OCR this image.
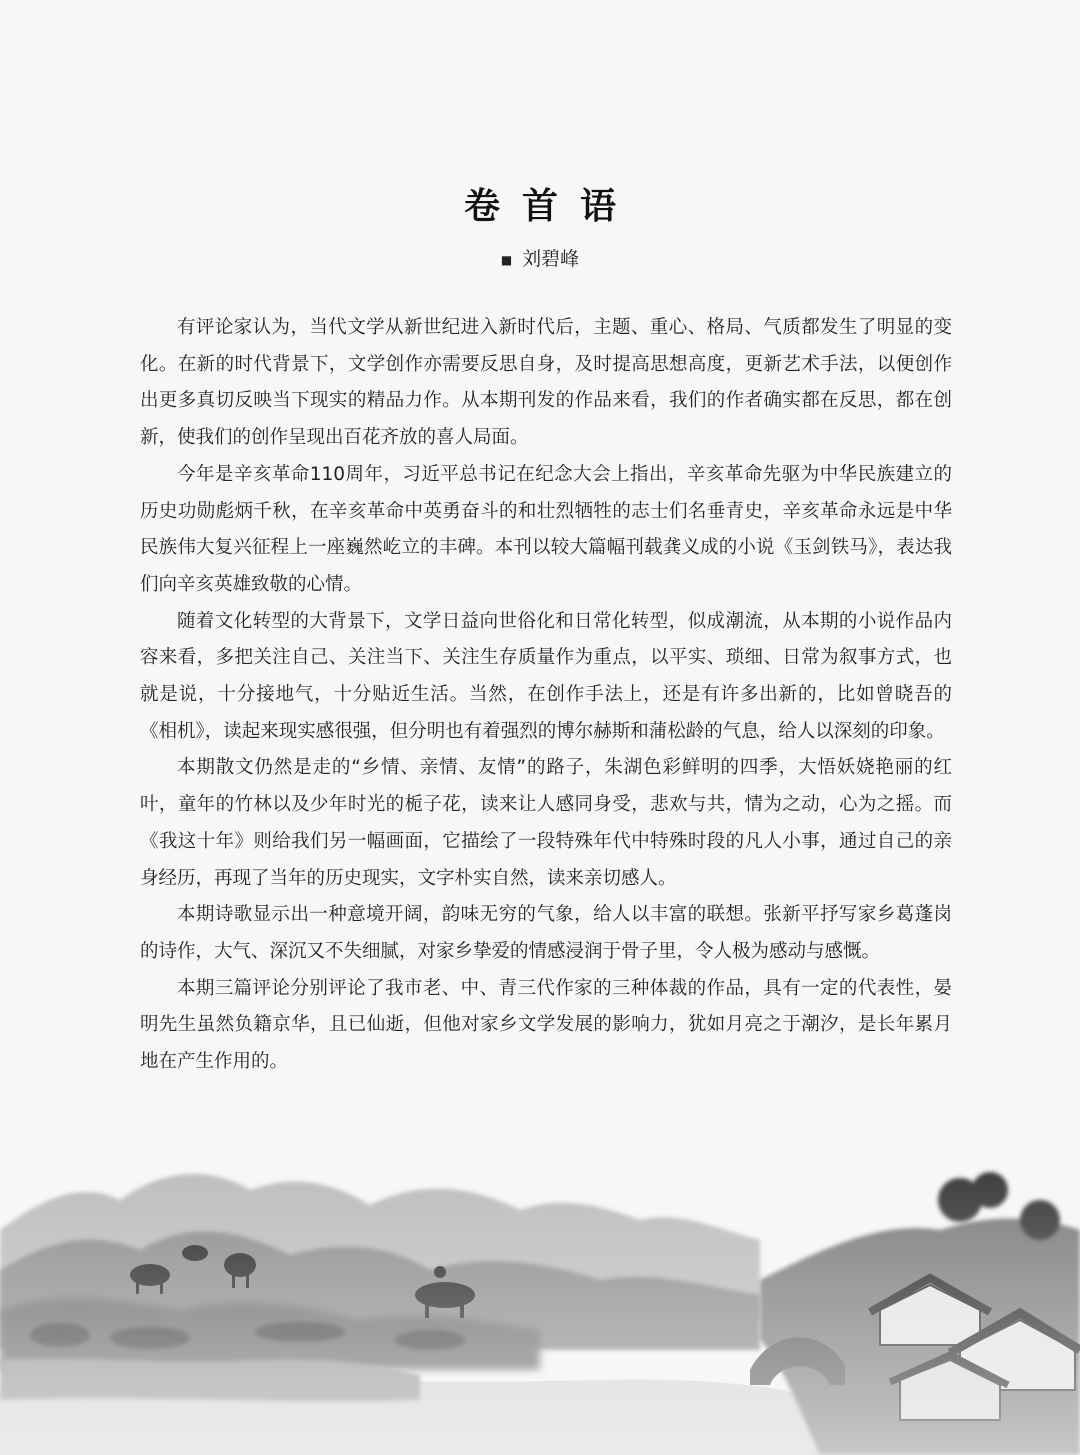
卷首语
■ 刘碧峰

有评论家认为，当代文学从新世纪进入新时代后，主题、重心、格局、气质都发生了明显的变化。在新的时代背景下，文学创作亦需要反思自身，及时提高思想高度，更新艺术手法，以便创作出更多真切反映当下现实的精品力作。从本期刊发的作品来看，我们的作者确实都在反思，都在创新，使我们的创作呈现出百花齐放的喜人局面。

今年是辛亥革命110周年，习近平总书记在纪念大会上指出，辛亥革命先驱为中华民族建立的历史功勋彪炳千秋，在辛亥革命中英勇奋斗的和壮烈牺牲的志士们名垂青史，辛亥革命永远是中华民族伟大复兴征程上一座巍然屹立的丰碑。本刊以较大篇幅刊载龚义成的小说《玉剑铁马》，表达我们向辛亥英雄致敬的心情。

随着文化转型的大背景下，文学日益向世俗化和日常化转型，似成潮流，从本期的小说作品内容来看，多把关注自己、关注当下、关注生存质量作为重点，以平实、琐细、日常为叙事方式，也就是说，十分接地气，十分贴近生活。当然，在创作手法上，还是有许多出新的，比如曾晓吾的《相机》，读起来现实感很强，但分明也有着强烈的博尔赫斯和蒲松龄的气息，给人以深刻的印象。

本期散文仍然是走的“乡情、亲情、友情”的路子，朱湖色彩鲜明的四季，大悟妖娆艳丽的红叶，童年的竹林以及少年时光的栀子花，读来让人感同身受，悲欢与共，情为之动，心为之摇。而《我这十年》则给我们另一幅画面，它描绘了一段特殊年代中特殊时段的凡人小事，通过自己的亲身经历，再现了当年的历史现实，文字朴实自然，读来亲切感人。

本期诗歌显示出一种意境开阔，韵味无穷的气象，给人以丰富的联想。张新平抒写家乡葛蓬岗的诗作，大气、深沉又不失细腻，对家乡挚爱的情感浸润于骨子里，令人极为感动与感慨。

本期三篇评论分别评论了我市老、中、青三代作家的三种体裁的作品，具有一定的代表性，晏明先生虽然负籍京华，且已仙逝，但他对家乡文学发展的影响力，犹如月亮之于潮汐，是长年累月地在产生作用的。
